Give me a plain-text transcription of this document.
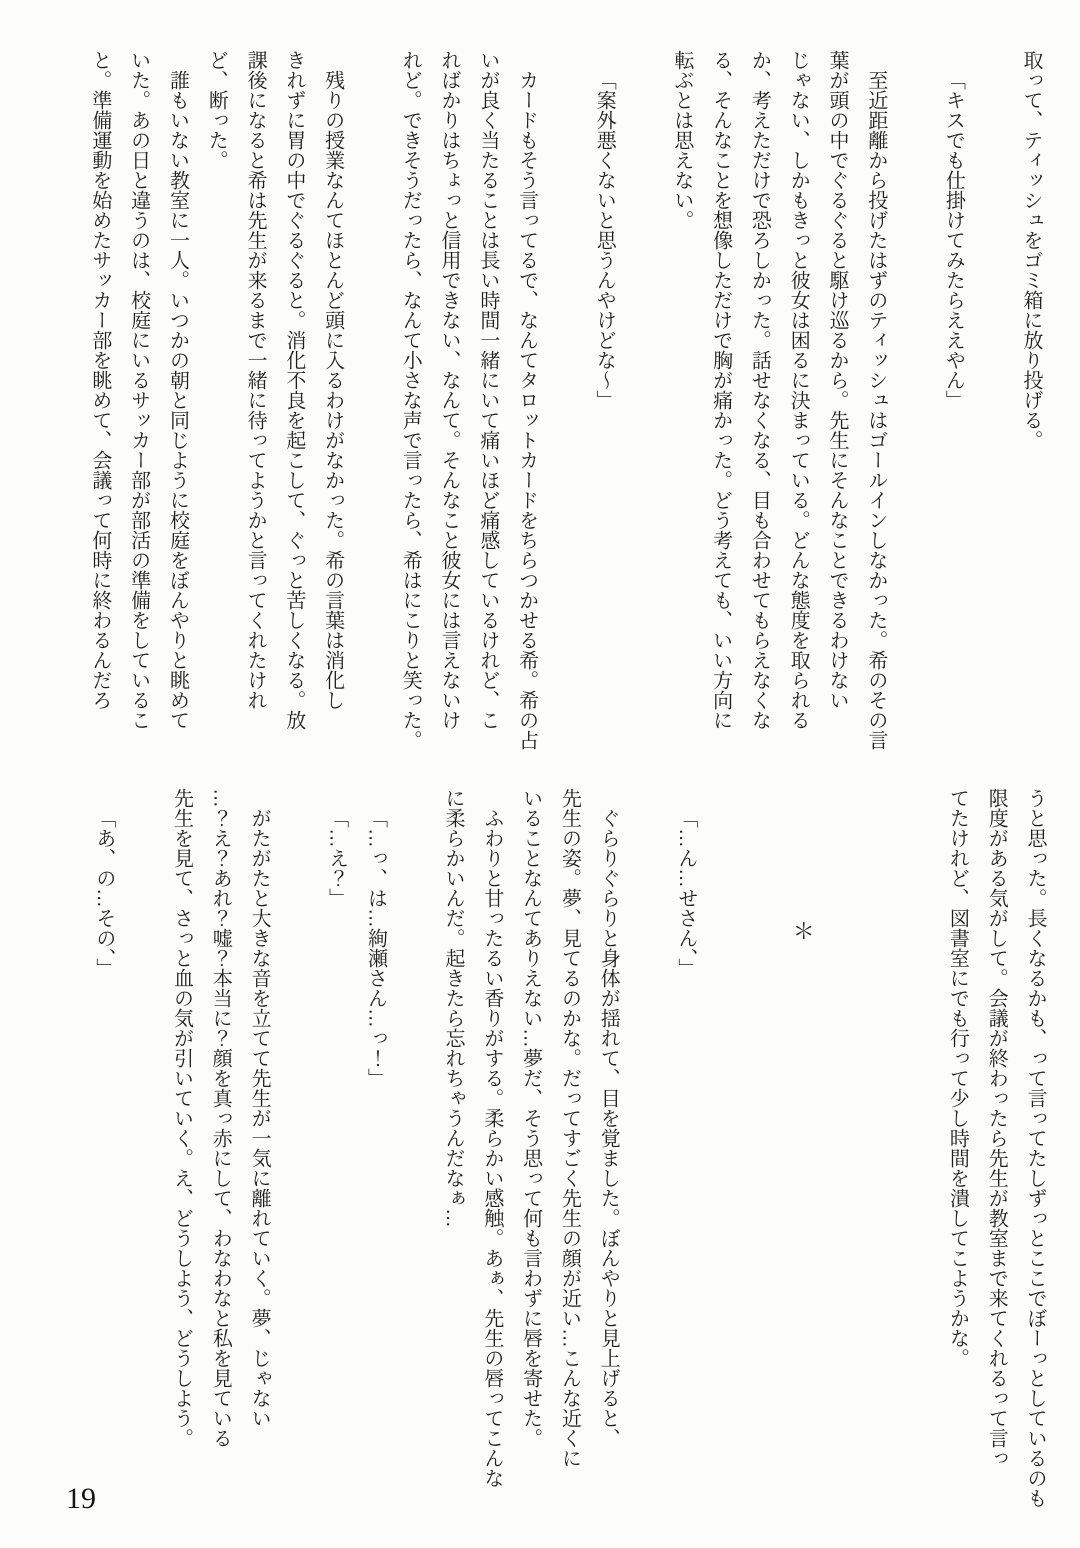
取って、ティッシュをゴミ箱に放り投げる。

「キスでも仕掛けてみたらええやん」

至近距離から投げたはずのティッシュはゴールインしなかった。希のその言

葉が頭の中でぐるぐると駆け巡るから。先生にそんなことできるわけない

じゃない、しかもきっと彼女は困るに決まっている。どんな態度を取られる

か、考えただけで恐ろしかった。話せなくなる、目も合わせてもらえなくな

る、そんなことを想像しただけで胸が痛かった。どう考えても、いい方向に

転ぶとは思えない。

「案外悪くないと思うんやけどな〜」

カードもそう言ってるで、なんてタロットカードをちらつかせる希。希の占

いが良く当たることは長い時間一緒にいて痛いほど痛感しているけれど、こ

ればかりはちょっと信用できない、なんて。そんなこと彼女には言えないけ

れど。できそうだったら、なんて小さな声で言ったら、希はにこりと笑った。

残りの授業なんてほとんど頭に入るわけがなかった。希の言葉は消化し

きれずに胃の中でぐるぐると。消化不良を起こして、ぐっと苦しくなる。放

課後になると希は先生が来るまで一緒に待ってようかと言ってくれたけれ

ど、断った。

誰もいない教室に一人。いつかの朝と同じように校庭をぼんやりと眺めて

いた。あの日と違うのは、校庭にいるサッカー部が部活の準備をしているこ

と。準備運動を始めたサッカー部を眺めて、会議って何時に終わるんだろ

うと思った。長くなるかも、って言ってたしずっとここでぼーっとしているのも

限度がある気がして。会議が終わったら先生が教室まで来てくれるって言っ

てたけれど、図書室にでも行って少し時間を潰してこようかな。

＊

「…ん…せさん、」

ぐらりぐらりと身体が揺れて、目を覚ました。ぼんやりと見上げると、

先生の姿。夢、見てるのかな。だってすごく先生の顔が近い…こんな近くに

いることなんてありえない…夢だ、そう思って何も言わずに唇を寄せた。

ふわりと甘ったるい香りがする。柔らかい感触。あぁ、先生の唇ってこんな

に柔らかいんだ。起きたら忘れちゃうんだなぁ…

「…っ、は…絢瀬さん…っ！」

「…え？」

がたがたと大きな音を立てて先生が一気に離れていく。夢、じゃない

…？え？あれ？嘘？本当に？顔を真っ赤にして、わなわなと私を見ている

先生を見て、さっと血の気が引いていく。え、どうしよう、どうしよう。

「あ、の…その、」

19
